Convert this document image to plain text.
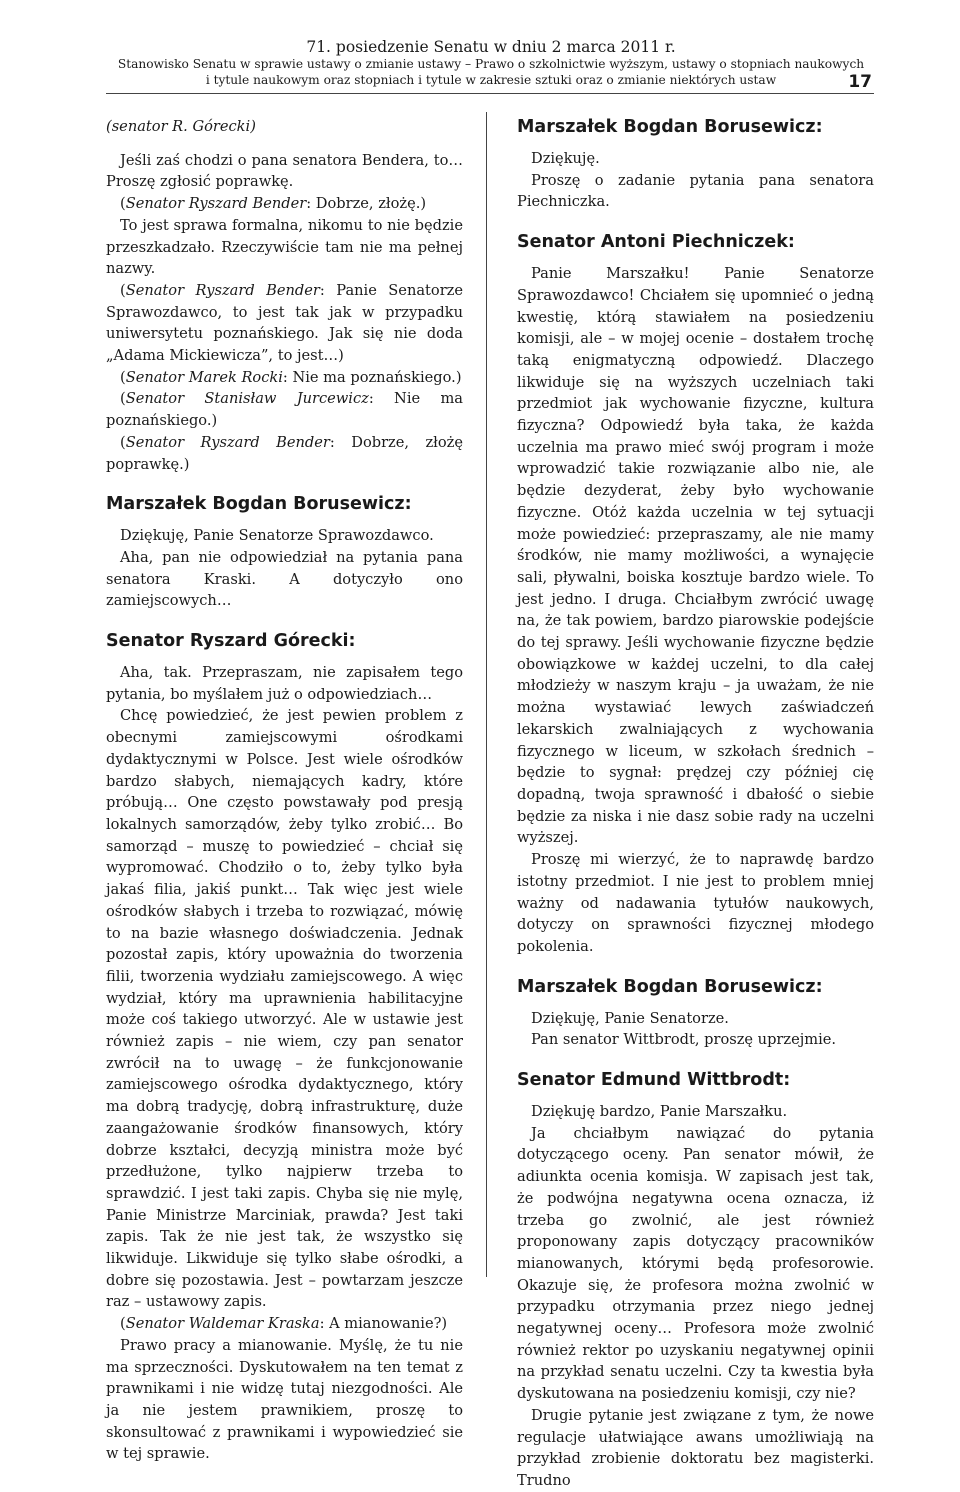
71. posiedzenie Senatu w dniu 2 marca 2011 r.
Stanowisko Senatu w sprawie ustawy o zmianie ustawy – Prawo o szkolnictwie wyższym, ustawy o stopniach naukowych
i tytule naukowym oraz stopniach i tytule w zakresie sztuki oraz o zmianie niektórych ustaw	17

(senator R. Górecki)

Jeśli zaś chodzi o pana senatora Bendera, to… Proszę zgłosić poprawkę.

(Senator Ryszard Bender: Dobrze, złożę.)

To jest sprawa formalna, nikomu to nie będzie przeszkadzało. Rzeczywiście tam nie ma pełnej nazwy.

(Senator Ryszard Bender: Panie Senatorze Sprawozdawco, to jest tak jak w przypadku uniwersytetu poznańskiego. Jak się nie doda „Adama Mickiewicza”, to jest…)

(Senator Marek Rocki: Nie ma poznańskiego.)

(Senator Stanisław Jurcewicz: Nie ma poznańskiego.)

(Senator Ryszard Bender: Dobrze, złożę poprawkę.)

Marszałek Bogdan Borusewicz:

Dziękuję, Panie Senatorze Sprawozdawco.

Aha, pan nie odpowiedział na pytania pana senatora Kraski. A dotyczyło ono zamiejscowych…

Senator Ryszard Górecki:

Aha, tak. Przepraszam, nie zapisałem tego pytania, bo myślałem już o odpowiedziach…

Chcę powiedzieć, że jest pewien problem z obecnymi zamiejscowymi ośrodkami dydaktycznymi w Polsce. Jest wiele ośrodków bardzo słabych, niemających kadry, które próbują… One często powstawały pod presją lokalnych samorządów, żeby tylko zrobić… Bo samorząd – muszę to powiedzieć – chciał się wypromować. Chodziło o to, żeby tylko była jakaś filia, jakiś punkt… Tak więc jest wiele ośrodków słabych i trzeba to rozwiązać, mówię to na bazie własnego doświadczenia. Jednak pozostał zapis, który upoważnia do tworzenia filii, tworzenia wydziału zamiejscowego. A więc wydział, który ma uprawnienia habilitacyjne może coś takiego utworzyć. Ale w ustawie jest również zapis – nie wiem, czy pan senator zwrócił na to uwagę – że funkcjonowanie zamiejscowego ośrodka dydaktycznego, który ma dobrą tradycję, dobrą infrastrukturę, duże zaangażowanie środków finansowych, który dobrze kształci, decyzją ministra może być przedłużone, tylko najpierw trzeba to sprawdzić. I jest taki zapis. Chyba się nie mylę, Panie Ministrze Marciniak, prawda? Jest taki zapis. Tak że nie jest tak, że wszystko się likwiduje. Likwiduje się tylko słabe ośrodki, a dobre się pozostawia. Jest – powtarzam jeszcze raz – ustawowy zapis.

(Senator Waldemar Kraska: A mianowanie?)

Prawo pracy a mianowanie. Myślę, że tu nie ma sprzeczności. Dyskutowałem na ten temat z prawnikami i nie widzę tutaj niezgodności. Ale ja nie jestem prawnikiem, proszę to skonsultować z prawnikami i wypowiedzieć sie w tej sprawie.

Marszałek Bogdan Borusewicz:

Dziękuję.

Proszę o zadanie pytania pana senatora Piechniczka.

Senator Antoni Piechniczek:

Panie Marszałku! Panie Senatorze Sprawozdawco! Chciałem się upomnieć o jedną kwestię, którą stawiałem na posiedzeniu komisji, ale – w mojej ocenie – dostałem trochę taką enigmatyczną odpowiedź. Dlaczego likwiduje się na wyższych uczelniach taki przedmiot jak wychowanie fizyczne, kultura fizyczna? Odpowiedź była taka, że każda uczelnia ma prawo mieć swój program i może wprowadzić takie rozwiązanie albo nie, ale będzie dezyderat, żeby było wychowanie fizyczne. Otóż każda uczelnia w tej sytuacji może powiedzieć: przepraszamy, ale nie mamy środków, nie mamy możliwości, a wynajęcie sali, pływalni, boiska kosztuje bardzo wiele. To jest jedno. I druga. Chciałbym zwrócić uwagę na, że tak powiem, bardzo piarowskie podejście do tej sprawy. Jeśli wychowanie fizyczne będzie obowiązkowe w każdej uczelni, to dla całej młodzieży w naszym kraju – ja uważam, że nie można wystawiać lewych zaświadczeń lekarskich zwalniających z wychowania fizycznego w liceum, w szkołach średnich – będzie to sygnał: prędzej czy później cię dopadną, twoja sprawność i dbałość o siebie będzie za niska i nie dasz sobie rady na uczelni wyższej.

Proszę mi wierzyć, że to naprawdę bardzo istotny przedmiot. I nie jest to problem mniej ważny od nadawania tytułów naukowych, dotyczy on sprawności fizycznej młodego pokolenia.

Marszałek Bogdan Borusewicz:

Dziękuję, Panie Senatorze.

Pan senator Wittbrodt, proszę uprzejmie.

Senator Edmund Wittbrodt:

Dziękuję bardzo, Panie Marszałku.

Ja chciałbym nawiązać do pytania dotyczącego oceny. Pan senator mówił, że adiunkta ocenia komisja. W zapisach jest tak, że podwójna negatywna ocena oznacza, iż trzeba go zwolnić, ale jest również proponowany zapis dotyczący pracowników mianowanych, którymi będą profesorowie. Okazuje się, że profesora można zwolnić w przypadku otrzymania przez niego jednej negatywnej oceny… Profesora może zwolnić również rektor po uzyskaniu negatywnej opinii na przykład senatu uczelni. Czy ta kwestia była dyskutowana na posiedzeniu komisji, czy nie?

Drugie pytanie jest związane z tym, że nowe regulacje ułatwiające awans umożliwiają na przykład zrobienie doktoratu bez magisterki. Trudno
